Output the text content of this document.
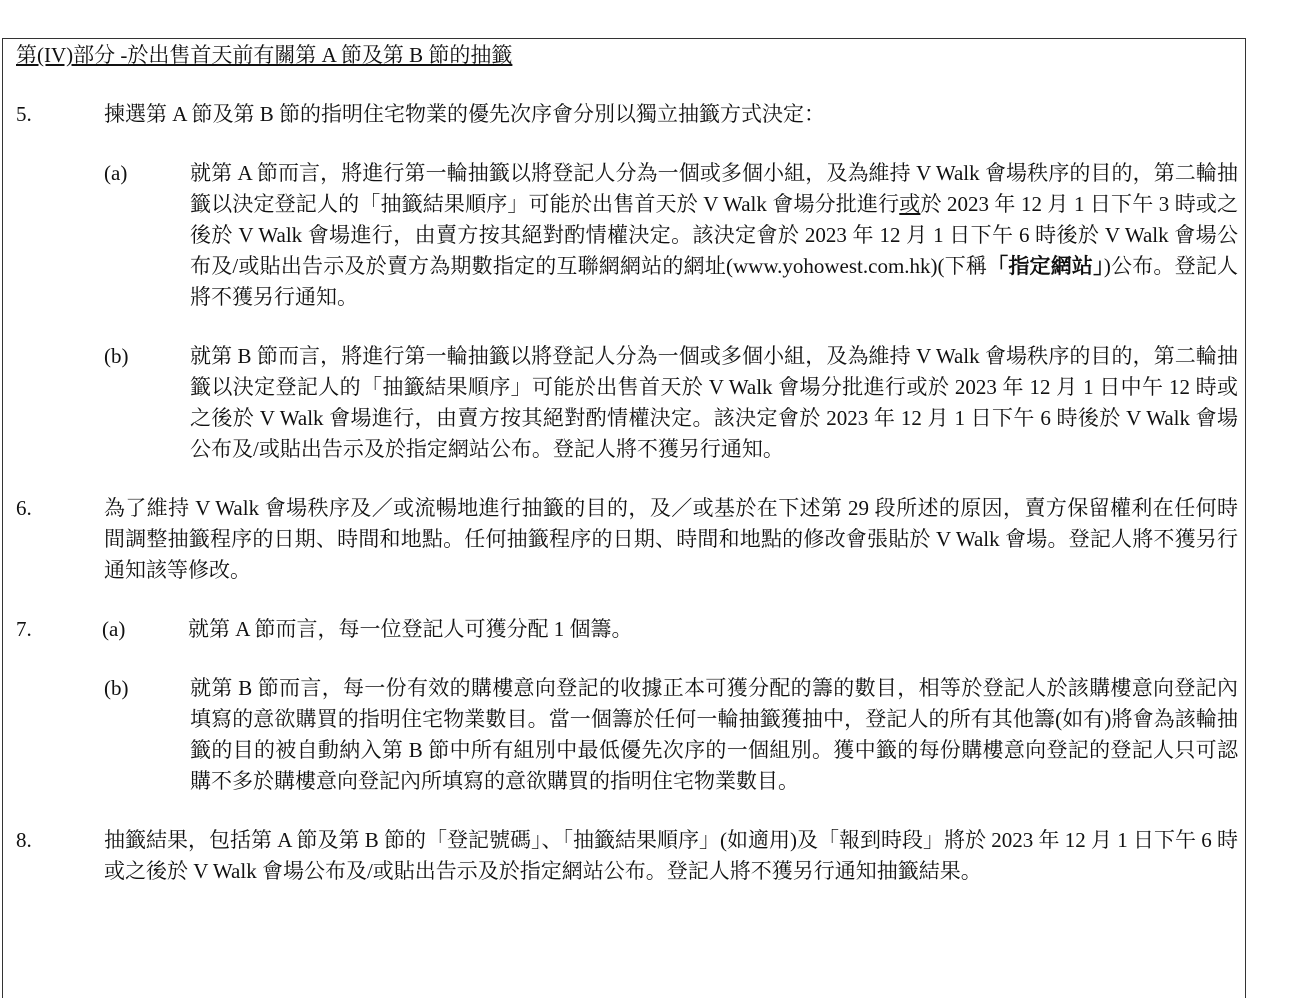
第(IV)部分 -於出售首天前有關第 A 節及第 B 節的抽籤
5.	揀選第 A 節及第 B 節的指明住宅物業的優先次序會分別以獨立抽籤方式決定：

(a)	就第 A 節而言，將進行第一輪抽籤以將登記人分為一個或多個小組，及為維持 V Walk 會場秩序的目的，第二輪抽籤以決定登記人的「抽籤結果順序」可能於出售首天於 V Walk 會場分批進行或於 2023 年 12 月 1 日下午 3 時或之後於 V Walk 會場進行，由賣方按其絕對酌情權決定。該決定會於 2023 年 12 月 1 日下午 6 時後於 V Walk 會場公布及/或貼出告示及於賣方為期數指定的互聯網網站的網址(www.yohowest.com.hk)(下稱「指定網站」)公布。登記人將不獲另行通知。

(b)	就第 B 節而言，將進行第一輪抽籤以將登記人分為一個或多個小組，及為維持 V Walk 會場秩序的目的，第二輪抽籤以決定登記人的「抽籤結果順序」可能於出售首天於 V Walk 會場分批進行或於 2023 年 12 月 1 日中午 12 時或之後於 V Walk 會場進行，由賣方按其絕對酌情權決定。該決定會於 2023 年 12 月 1 日下午 6 時後於 V Walk 會場公布及/或貼出告示及於指定網站公布。登記人將不獲另行通知。

6.	為了維持 V Walk 會場秩序及／或流暢地進行抽籤的目的，及／或基於在下述第 29 段所述的原因，賣方保留權利在任何時間調整抽籤程序的日期、時間和地點。任何抽籤程序的日期、時間和地點的修改會張貼於 V Walk 會場。登記人將不獲另行通知該等修改。

7.	(a)	就第 A 節而言，每一位登記人可獲分配 1 個籌。

(b)	就第 B 節而言，每一份有效的購樓意向登記的收據正本可獲分配的籌的數目，相等於登記人於該購樓意向登記內填寫的意欲購買的指明住宅物業數目。當一個籌於任何一輪抽籤獲抽中，登記人的所有其他籌(如有)將會為該輪抽籤的目的被自動納入第 B 節中所有組別中最低優先次序的一個組別。獲中籤的每份購樓意向登記的登記人只可認購不多於購樓意向登記內所填寫的意欲購買的指明住宅物業數目。

8.	抽籤結果，包括第 A 節及第 B 節的「登記號碼」、「抽籤結果順序」(如適用)及「報到時段」將於 2023 年 12 月 1 日下午 6 時或之後於 V Walk 會場公布及/或貼出告示及於指定網站公布。登記人將不獲另行通知抽籤結果。
